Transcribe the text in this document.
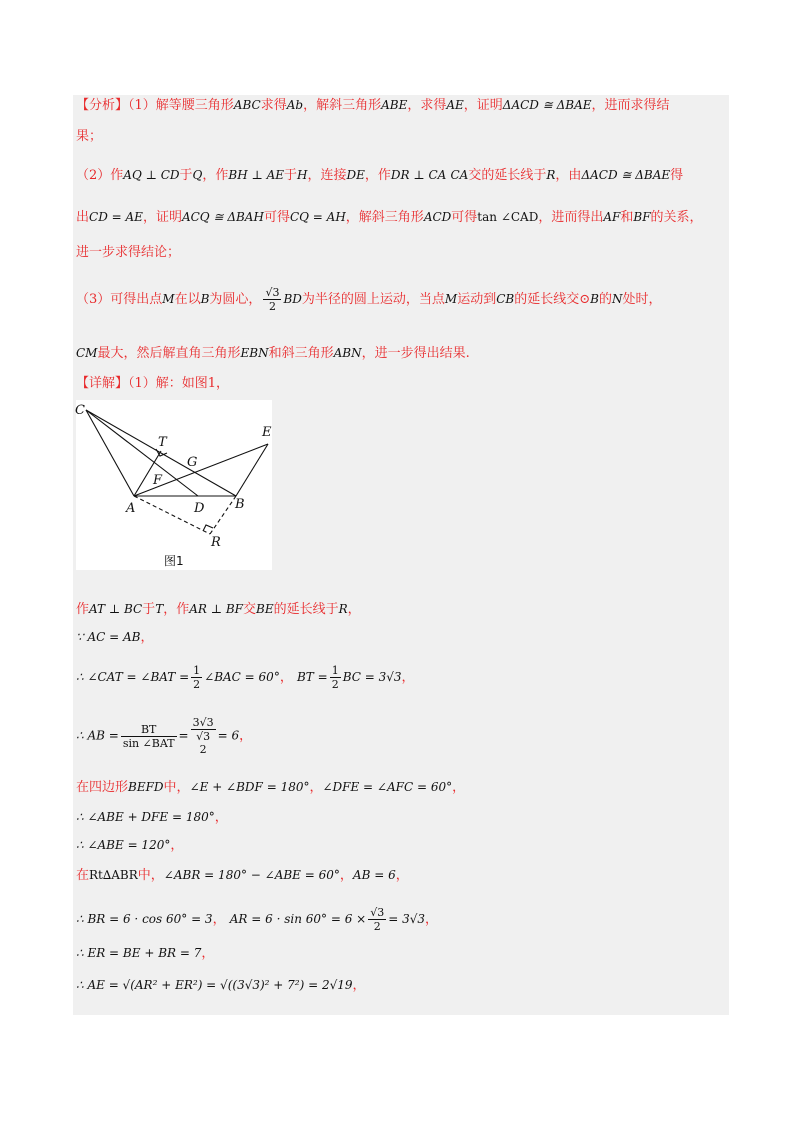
【分析】（1）解等腰三角形ABC求得Ab，解斜三角形ABE，求得AE，证明ΔACD ≅ ΔBAE，进而求得结
果；
（2）作AQ ⊥ CD于Q，作BH ⊥ AE于H，连接DE，作DR ⊥ CA CA交的延长线于R，由ΔACD ≅ ΔBAE得
出CD = AE，证明ACQ ≅ ΔBAH可得CQ = AH，解斜三角形ACD可得tan ∠CAD，进而得出AF和BF的关系，
进一步求得结论；
（3）可得出点M在以B为圆心， $\frac{√3}{2}$ BD为半径的圆上运动，当点M运动到CB的延长线交⊙B的N处时，
CM最大，然后解直角三角形EBN和斜三角形ABN，进一步得出结果.
【详解】（1）解：如图1，
C
T
E
G
F
A	D B
R
图1
作AT ⊥ BC于T，作AR ⊥ BF交BE的延长线于R，
∵ AC = AB，
∴ ∠CAT = ∠BAT = $\frac{1}{2}$ ∠BAC = 60°， BT = $\frac{1}{2}$ BC = 3√3，
∴ AB = $\frac{BT}{\text{sin ∠BAT}}$ =
3√3
√3
2
= 6，
在四边形BEFD中，∠E + ∠BDF = 180°，∠DFE = ∠AFC = 60°，
∴ ∠ABE + DFE = 180°，
∴ ∠ABE = 120°，
在Rt∆ABR中，∠ABR = 180° − ∠ABE = 60°，AB = 6，
∴ BR = 6 · cos 60° = 3， AR = $6 \cdot \sin 60^\circ = 6 \times \frac{√3}{2} = 3√3$，
∴ ER = BE + BR = 7，
∴ AE = √(AR² + ER²) = √((3√3)² + 7²) = 2√19，
